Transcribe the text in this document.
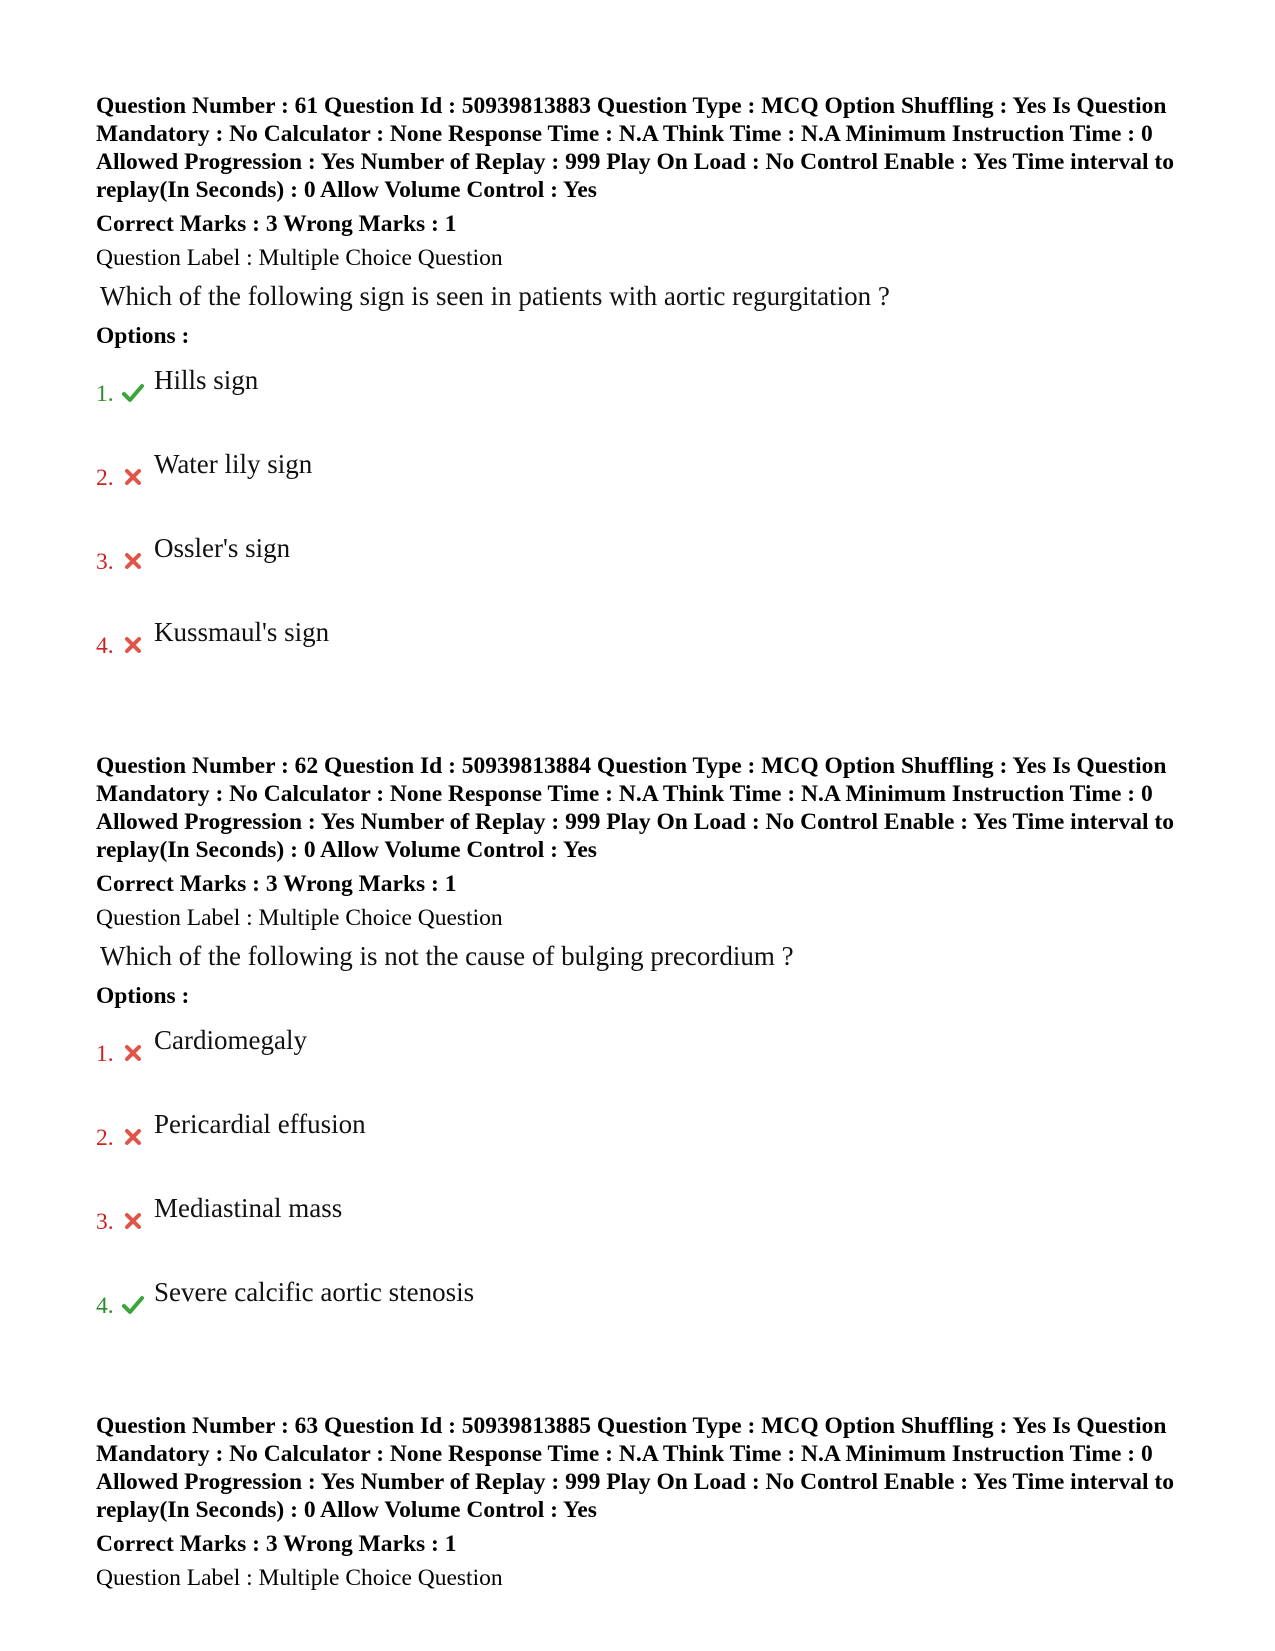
Question Number : 61 Question Id : 50939813883 Question Type : MCQ Option Shuffling : Yes Is Question Mandatory : No Calculator : None Response Time : N.A Think Time : N.A Minimum Instruction Time : 0 Allowed Progression : Yes Number of Replay : 999 Play On Load : No Control Enable : Yes Time interval to replay(In Seconds) : 0 Allow Volume Control : Yes

Correct Marks : 3 Wrong Marks : 1
Question Label : Multiple Choice Question
Which of the following sign is seen in patients with aortic regurgitation ?
Options :
1. Hills sign
2. Water lily sign
3. Ossler's sign
4. Kussmaul's sign

Question Number : 62 Question Id : 50939813884 Question Type : MCQ Option Shuffling : Yes Is Question Mandatory : No Calculator : None Response Time : N.A Think Time : N.A Minimum Instruction Time : 0 Allowed Progression : Yes Number of Replay : 999 Play On Load : No Control Enable : Yes Time interval to replay(In Seconds) : 0 Allow Volume Control : Yes

Correct Marks : 3 Wrong Marks : 1
Question Label : Multiple Choice Question
Which of the following is not the cause of bulging precordium ?
Options :
1. Cardiomegaly
2. Pericardial effusion
3. Mediastinal mass
4. Severe calcific aortic stenosis

Question Number : 63 Question Id : 50939813885 Question Type : MCQ Option Shuffling : Yes Is Question Mandatory : No Calculator : None Response Time : N.A Think Time : N.A Minimum Instruction Time : 0 Allowed Progression : Yes Number of Replay : 999 Play On Load : No Control Enable : Yes Time interval to replay(In Seconds) : 0 Allow Volume Control : Yes

Correct Marks : 3 Wrong Marks : 1
Question Label : Multiple Choice Question
